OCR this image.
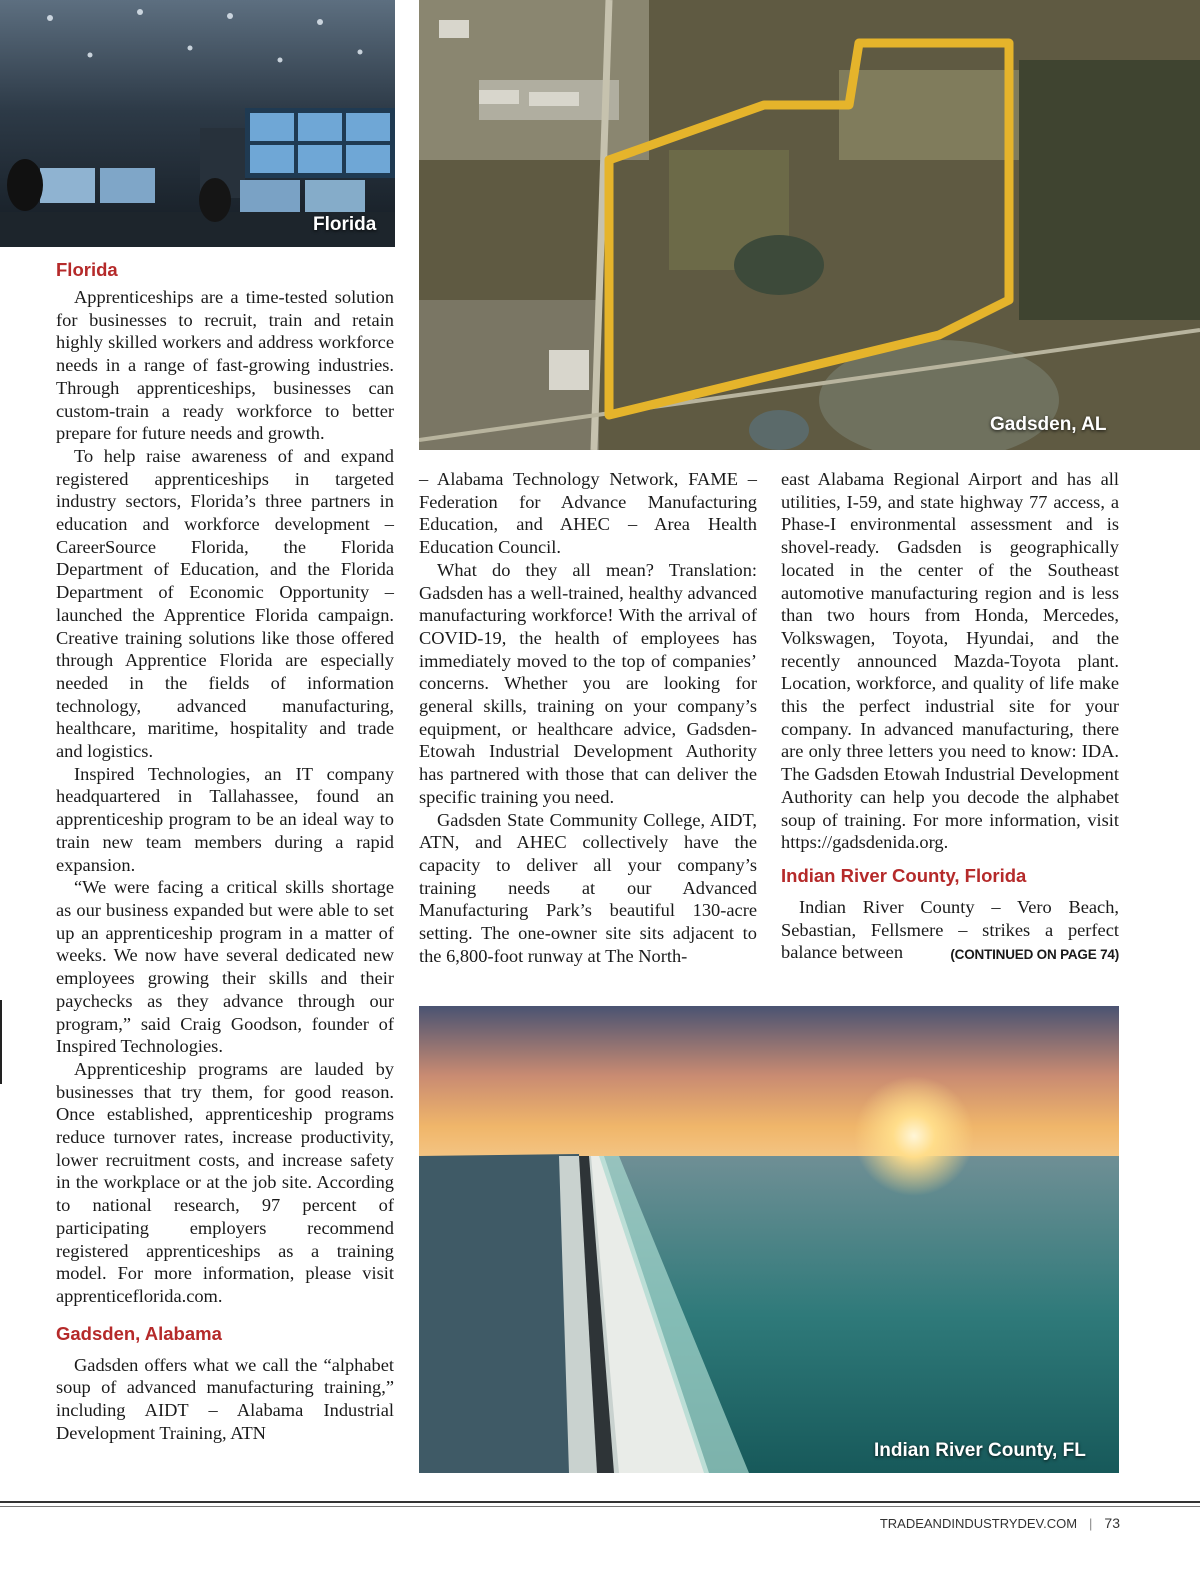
Florida
Gadsden, AL
Florida

Apprenticeships are a time-tested solution for businesses to recruit, train and retain highly skilled workers and address workforce needs in a range of fast-growing industries. Through apprenticeships, businesses can custom-train a ready workforce to better prepare for future needs and growth.

To help raise awareness of and expand registered apprenticeships in targeted industry sectors, Florida’s three partners in education and workforce development – CareerSource Florida, the Florida Department of Education, and the Florida Department of Economic Opportunity – launched the Apprentice Florida campaign. Creative training solutions like those offered through Apprentice Florida are especially needed in the fields of information technology, advanced manufacturing, healthcare, maritime, hospitality and trade and logistics.

Inspired Technologies, an IT company headquartered in Tallahassee, found an apprenticeship program to be an ideal way to train new team members during a rapid expansion.

“We were facing a critical skills shortage as our business expanded but were able to set up an apprenticeship program in a matter of weeks. We now have several dedicated new employees growing their skills and their paychecks as they advance through our program,” said Craig Goodson, founder of Inspired Technologies.

Apprenticeship programs are lauded by businesses that try them, for good reason. Once established, apprenticeship programs reduce turnover rates, increase productivity, lower recruitment costs, and increase safety in the workplace or at the job site. According to national research, 97 percent of participating employers recommend registered apprenticeships as a training model. For more information, please visit apprenticeflorida.com.

Gadsden, Alabama

Gadsden offers what we call the “alphabet soup of advanced manufacturing training,” including AIDT – Alabama Industrial Development Training, ATN

– Alabama Technology Network, FAME – Federation for Advance Manufacturing Education, and AHEC – Area Health Education Council.

What do they all mean? Translation: Gadsden has a well-trained, healthy advanced manufacturing workforce! With the arrival of COVID-19, the health of employees has immediately moved to the top of companies’ concerns. Whether you are looking for general skills, training on your company’s equipment, or healthcare advice, Gadsden-Etowah Industrial Development Authority has partnered with those that can deliver the specific training you need.

Gadsden State Community College, AIDT, ATN, and AHEC collectively have the capacity to deliver all your company’s training needs at our Advanced Manufacturing Park’s beautiful 130-acre setting. The one-owner site sits adjacent to the 6,800-foot runway at The North-

east Alabama Regional Airport and has all utilities, I-59, and state highway 77 access, a Phase-I environmental assessment and is shovel-ready. Gadsden is geographically located in the center of the Southeast automotive manufacturing region and is less than two hours from Honda, Mercedes, Volkswagen, Toyota, Hyundai, and the recently announced Mazda-Toyota plant. Location, workforce, and quality of life make this the perfect industrial site for your company. In advanced manufacturing, there are only three letters you need to know: IDA. The Gadsden Etowah Industrial Development Authority can help you decode the alphabet soup of training. For more information, visit https://gadsdenida.org.

Indian River County, Florida

Indian River County – Vero Beach, Sebastian, Fellsmere – strikes a perfect balance between	(CONTINUED ON PAGE 74)

Indian River County, FL
TRADEANDINDUSTRYDEV.COM | 73
